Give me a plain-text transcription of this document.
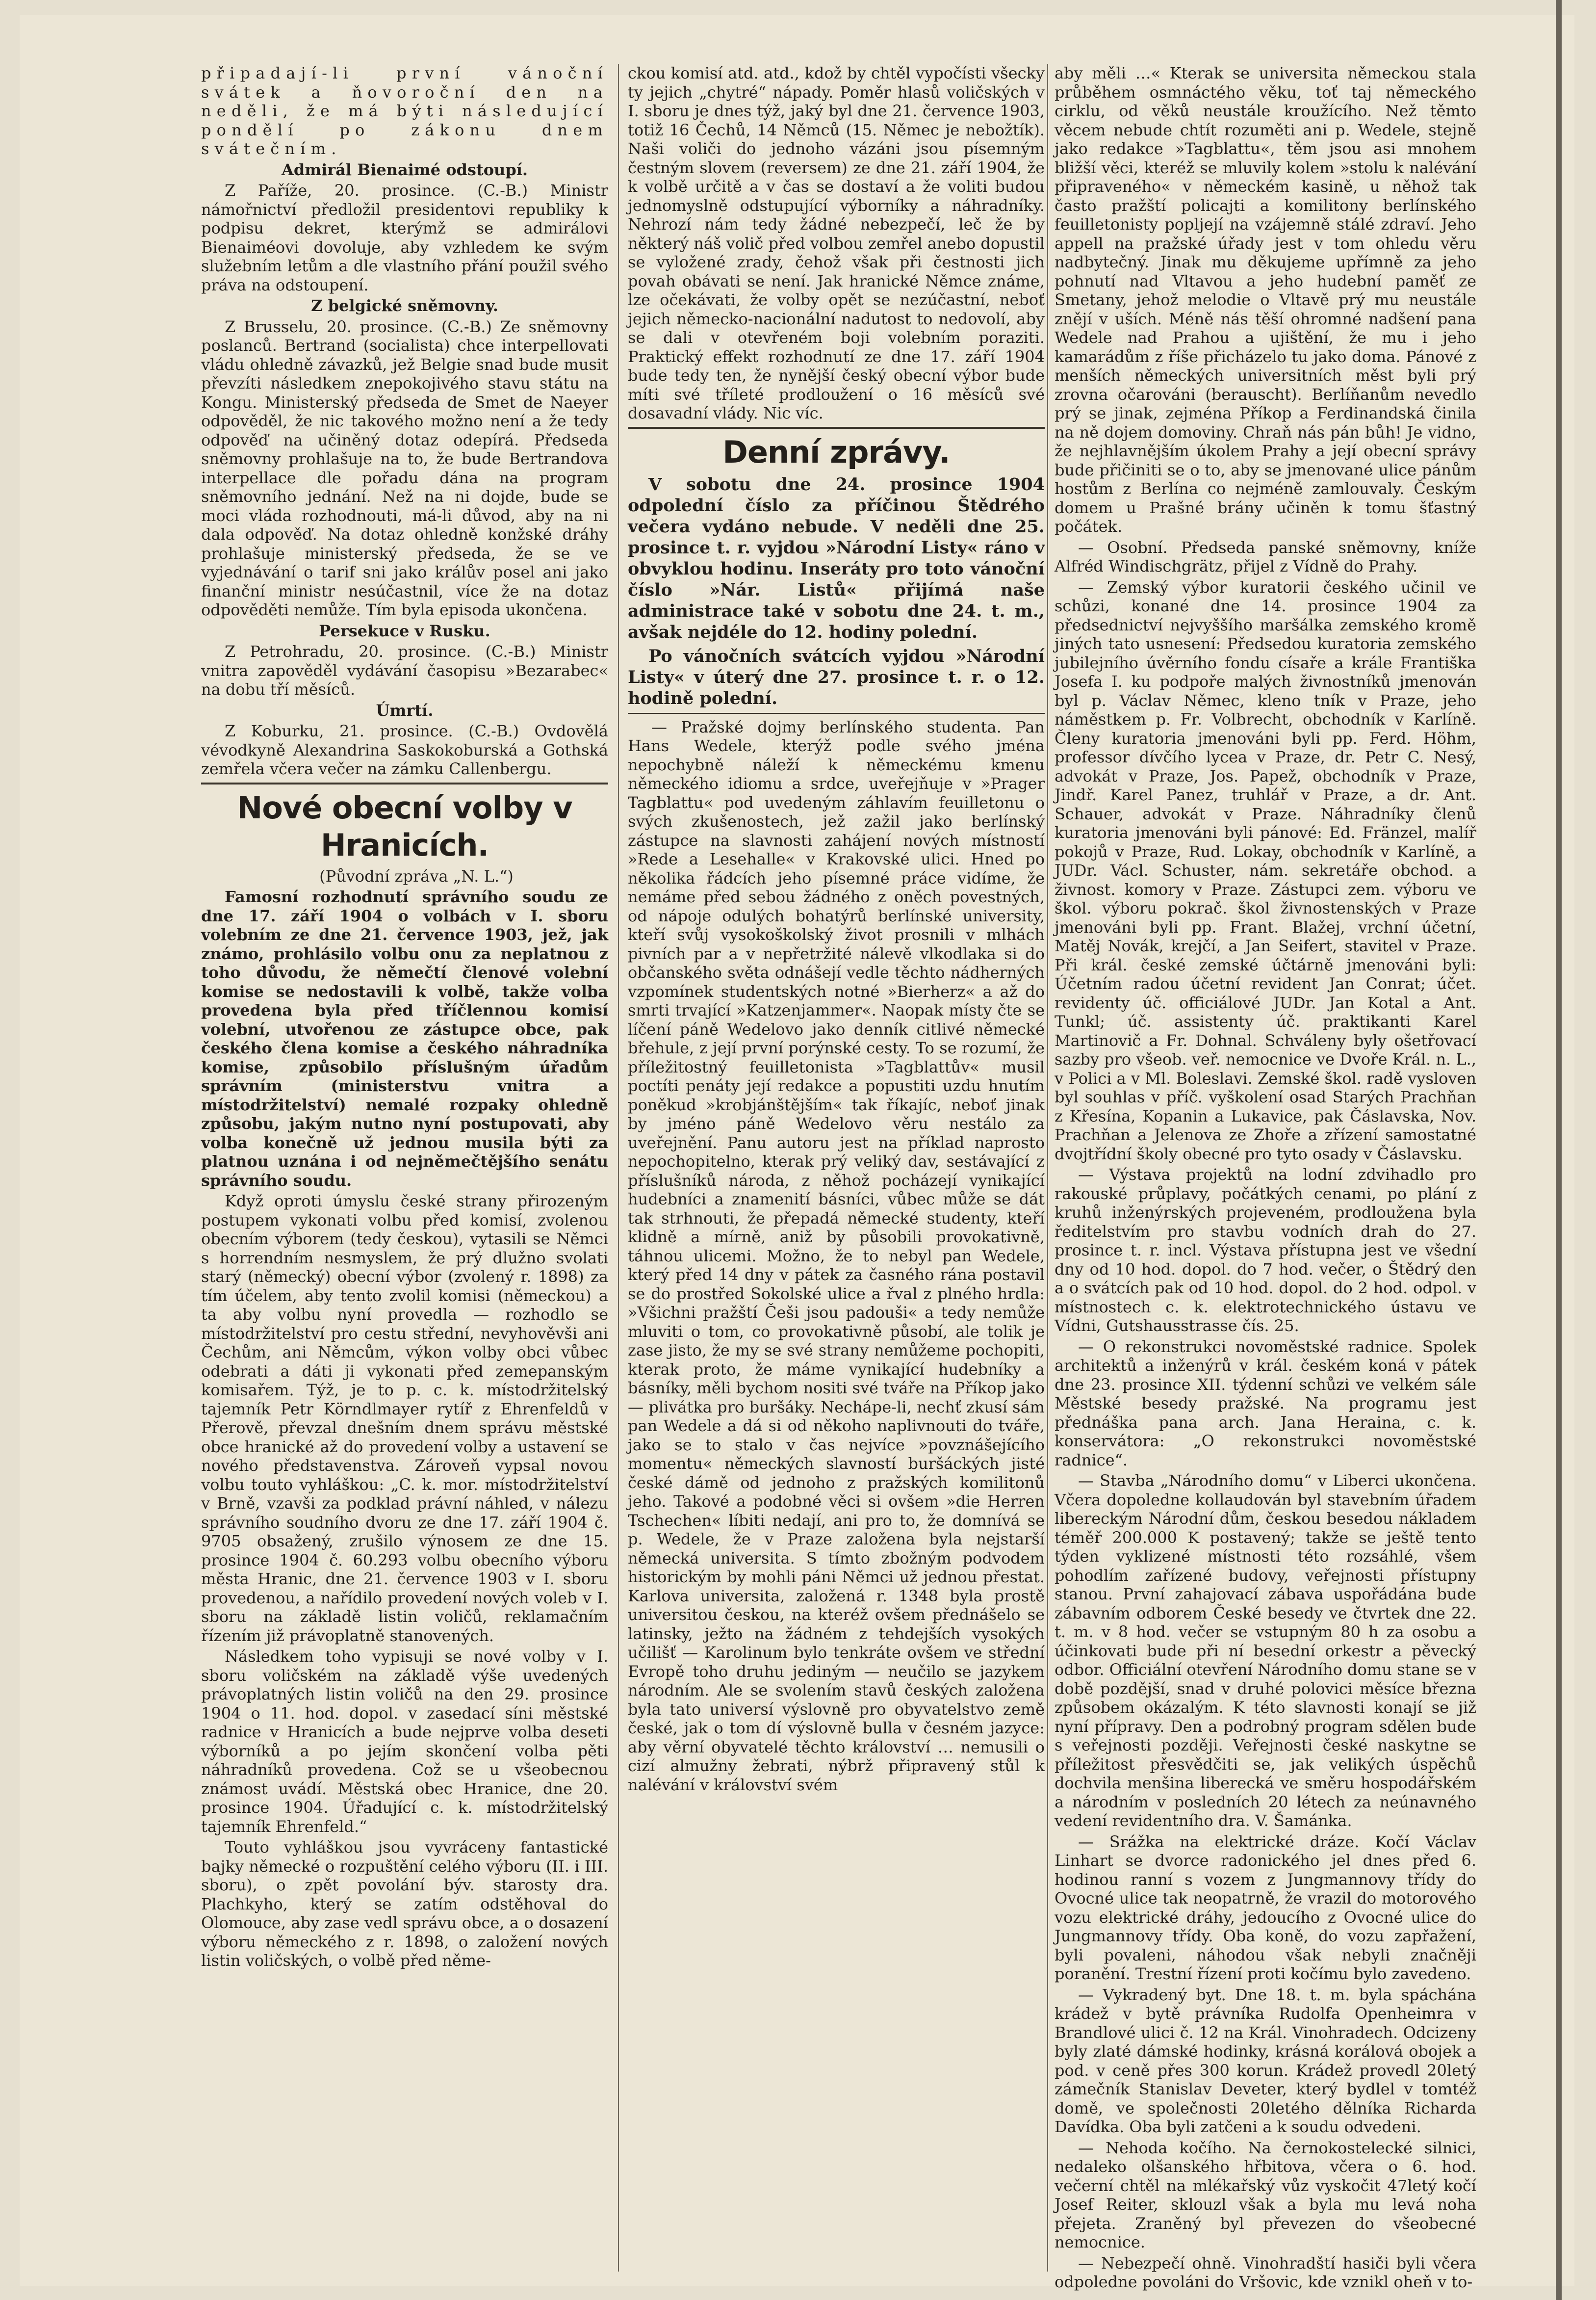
připadají-li první vánoční svátek a ňovoroční den na neděli, že má býti následující pondělí po zákonu dnem svátečním.

Admirál Bienaimé odstoupí.

Z Paříže, 20. prosince. (C.-B.) Ministr námořnictví předložil presidentovi republiky k podpisu dekret, kterýmž se admirálovi Bienaiméovi dovoluje, aby vzhledem ke svým služebním letům a dle vlastního přání použil svého práva na odstoupení.

Z belgické sněmovny.

Z Brusselu, 20. prosince. (C.-B.) Ze sněmovny poslanců. Bertrand (socialista) chce interpellovati vládu ohledně závazků, jež Belgie snad bude musit převzíti následkem znepokojivého stavu státu na Kongu. Ministerský předseda de Smet de Naeyer odpověděl, že nic takového možno není a že tedy odpověď na učiněný dotaz odepírá. Předseda sněmovny prohlašuje na to, že bude Bertrandova interpellace dle pořadu dána na program sněmovního jednání. Než na ni dojde, bude se moci vláda rozhodnouti, má-li důvod, aby na ni dala odpověď. Na dotaz ohledně konžské dráhy prohlašuje ministerský předseda, že se ve vyjednávání o tarif sni jako králův posel ani jako finanční ministr nesúčastnil, více že na dotaz odpověděti nemůže. Tím byla episoda ukončena.

Persekuce v Rusku.

Z Petrohradu, 20. prosince. (C.-B.) Ministr vnitra zapověděl vydávání časopisu »Bezarabec« na dobu tří měsíců.

Úmrtí.

Z Koburku, 21. prosince. (C.-B.) Ovdovělá vévodkyně Alexandrina Saskokoburská a Gothská zemřela včera večer na zámku Callenbergu.

Nové obecní volby v Hranicích.

(Původní zpráva „N. L.“)

Famosní rozhodnutí správního soudu ze dne 17. září 1904 o volbách v I. sboru volebním ze dne 21. července 1903, jež, jak známo, prohlásilo volbu onu za neplatnou z toho důvodu, že němečtí členové volební komise se nedostavili k volbě, takže volba provedena byla před tříčlennou komisí volební, utvořenou ze zástupce obce, pak českého člena komise a českého náhradníka komise, způsobilo příslušným úřadům správním (ministerstvu vnitra a místodržitelství) nemalé rozpaky ohledně způsobu, jakým nutno nyní postupovati, aby volba konečně už jednou musila býti za platnou uznána i od nejněmečtějšího senátu správního soudu.

Když oproti úmyslu české strany přirozeným postupem vykonati volbu před komisí, zvolenou obecním výborem (tedy českou), vytasili se Němci s horrendním nesmyslem, že prý dlužno svolati starý (německý) obecní výbor (zvolený r. 1898) za tím účelem, aby tento zvolil komisi (německou) a ta aby volbu nyní provedla — rozhodlo se místodržitelství pro cestu střední, nevyhověvši ani Čechům, ani Němcům, výkon volby obci vůbec odebrati a dáti ji vykonati před zemepanským komisařem. Týž, je to p. c. k. místodržitelský tajemník Petr Körndlmayer rytíř z Ehrenfeldů v Přerově, převzal dnešním dnem správu městské obce hranické až do provedení volby a ustavení se nového představenstva. Zároveň vypsal novou volbu touto vyhláškou: „C. k. mor. místodržitelství v Brně, vzavši za podklad právní náhled, v nálezu správního soudního dvoru ze dne 17. září 1904 č. 9705 obsažený, zrušilo výnosem ze dne 15. prosince 1904 č. 60.293 volbu obecního výboru města Hranic, dne 21. července 1903 v I. sboru provedenou, a nařídilo provedení nových voleb v I. sboru na základě listin voličů, reklamačním řízením již právoplatně stanovených.

Následkem toho vypisuji se nové volby v I. sboru voličském na základě výše uvedených právoplatných listin voličů na den 29. prosince 1904 o 11. hod. dopol. v zasedací síni městské radnice v Hranicích a bude nejprve volba deseti výborníků a po jejím skončení volba pěti náhradníků provedena. Což se u všeobecnou známost uvádí. Městská obec Hranice, dne 20. prosince 1904. Úřadující c. k. místodržitelský tajemník Ehrenfeld.“

Touto vyhláškou jsou vyvráceny fantastické bajky německé o rozpuštění celého výboru (II. i III. sboru), o zpět povolání býv. starosty dra. Plachkyho, který se zatím odstěhoval do Olomouce, aby zase vedl správu obce, a o dosazení výboru německého z r. 1898, o založení nových listin voličských, o volbě před něme-

ckou komisí atd. atd., kdož by chtěl vypočísti všecky ty jejich „chytré“ nápady. Poměr hlasů voličských v I. sboru je dnes týž, jaký byl dne 21. července 1903, totiž 16 Čechů, 14 Němců (15. Němec je nebožtík). Naši voliči do jednoho vázáni jsou písemným čestným slovem (reversem) ze dne 21. září 1904, že k volbě určitě a v čas se dostaví a že voliti budou jednomyslně odstupující výborníky a náhradníky. Nehrozí nám tedy žádné nebezpečí, leč že by některý náš volič před volbou zemřel anebo dopustil se vyložené zrady, čehož však při čestnosti jich povah obávati se není. Jak hranické Němce známe, lze očekávati, že volby opět se nezúčastní, neboť jejich německo-nacionální nadutost to nedovolí, aby se dali v otevřeném boji volebním poraziti. Praktický effekt rozhodnutí ze dne 17. září 1904 bude tedy ten, že nynější český obecní výbor bude míti své tříleté prodloužení o 16 měsíců své dosavadní vlády. Nic víc.

Denní zprávy.

V sobotu dne 24. prosince 1904 odpolední číslo za příčinou Štědrého večera vydáno nebude. V neděli dne 25. prosince t. r. vyjdou »Národní Listy« ráno v obvyklou hodinu. Inseráty pro toto vánoční číslo »Nár. Listů« přijímá naše administrace také v sobotu dne 24. t. m., avšak nejdéle do 12. hodiny polední.

Po vánočních svátcích vyjdou »Národní Listy« v úterý dne 27. prosince t. r. o 12. hodině polední.

— Pražské dojmy berlínského studenta. Pan Hans Wedele, kterýž podle svého jména nepochybně náleží k německému kmenu německého idiomu a srdce, uveřejňuje v »Prager Tagblattu« pod uvedeným záhlavím feuilletonu o svých zkušenostech, jež zažil jako berlínský zástupce na slavnosti zahájení nových místností »Rede a Lesehalle« v Krakovské ulici. Hned po několika řádcích jeho písemné práce vidíme, že nemáme před sebou žádného z oněch povestných, od nápoje odulých bohatýrů berlínské university, kteří svůj vysokoškolský život prosnili v mlhách pivních par a v nepřetržité nálevě vlkodlaka si do občanského světa odnášejí vedle těchto nádherných vzpomínek studentských notné »Bierherz« a až do smrti trvající »Katzenjammer«. Naopak místy čte se líčení páně Wedelovo jako denník citlivé německé břehule, z její první porýnské cesty. To se rozumí, že příležitostný feuilletonista »Tagblattův« musil poctíti penáty její redakce a popustiti uzdu hnutím poněkud »krobjánštějším« tak říkajíc, neboť jinak by jméno páně Wedelovo věru nestálo za uveřejnění. Panu autoru jest na příklad naprosto nepochopitelno, kterak prý veliký dav, sestávající z příslušníků národa, z něhož pocházejí vynikající hudebníci a znamenití básníci, vůbec může se dát tak strhnouti, že přepadá německé studenty, kteří klidně a mírně, aniž by působili provokativně, táhnou ulicemi. Možno, že to nebyl pan Wedele, který před 14 dny v pátek za časného rána postavil se do prostřed Sokolské ulice a řval z plného hrdla: »Všichni pražští Češi jsou padouši« a tedy nemůže mluviti o tom, co provokativně působí, ale tolik je zase jisto, že my se své strany nemůžeme pochopiti, kterak proto, že máme vynikající hudebníky a básníky, měli bychom nositi své tváře na Příkop jako — plivátka pro buršáky. Nechápe-li, nechť zkusí sám pan Wedele a dá si od někoho naplivnouti do tváře, jako se to stalo v čas nejvíce »povznášejícího momentu« německých slavností buršáckých jisté české dámě od jednoho z pražských komilitonů jeho. Takové a podobné věci si ovšem »die Herren Tschechen« líbiti nedají, ani pro to, že domnívá se p. Wedele, že v Praze založena byla nejstarší německá universita. S tímto zbožným podvodem historickým by mohli páni Němci už jednou přestat. Karlova universita, založená r. 1348 byla prostě universitou českou, na kteréž ovšem přednášelo se latinsky, ježto na žádném z tehdejších vysokých učilišť — Karolinum bylo tenkráte ovšem ve střední Evropě toho druhu jediným — neučilo se jazykem národním. Ale se svolením stavů českých založena byla tato universí výslovně pro obyvatelstvo země české, jak o tom dí výslovně bulla v česném jazyce: aby věrní obyvatelé těchto království … nemusili o cizí almužny žebrati, nýbrž připravený stůl k nalévání v království svém

aby měli …« Kterak se universita německou stala průběhem osmnáctého věku, toť taj německého cirklu, od věků neustále kroužícího. Než těmto věcem nebude chtít rozuměti ani p. Wedele, stejně jako redakce »Tagblattu«, těm jsou asi mnohem bližší věci, kteréž se mluvily kolem »stolu k nalévání připraveného« v německém kasině, u něhož tak často pražští policajti a komilitony berlínského feuilletonisty popljejí na vzájemně stálé zdraví. Jeho appell na pražské úřady jest v tom ohledu věru nadbytečný. Jinak mu děkujeme upřímně za jeho pohnutí nad Vltavou a jeho hudební paměť ze Smetany, jehož melodie o Vltavě prý mu neustále znějí v uších. Méně nás těší ohromné nadšení pana Wedele nad Prahou a ujištění, že mu i jeho kamarádům z říše přicházelo tu jako doma. Pánové z menších německých universitních měst byli prý zrovna očarováni (berauscht). Berlíňanům nevedlo prý se jinak, zejména Příkop a Ferdinandská činila na ně dojem domoviny. Chraň nás pán bůh! Je vidno, že nejhlavnějším úkolem Prahy a její obecní správy bude přičiniti se o to, aby se jmenované ulice pánům hostům z Berlína co nejméně zamlouvaly. Českým domem u Prašné brány učiněn k tomu šťastný počátek.

— Osobní. Předseda panské sněmovny, kníže Alfréd Windischgrätz, přijel z Vídně do Prahy.

— Zemský výbor kuratorii českého učinil ve schůzi, konané dne 14. prosince 1904 za předsednictví nejvyššího maršálka zemského kromě jiných tato usnesení: Předsedou kuratoria zemského jubilejního úvěrního fondu císaře a krále Františka Josefa I. ku podpoře malých živnostníků jmenován byl p. Václav Němec, kleno tník v Praze, jeho náměstkem p. Fr. Volbrecht, obchodník v Karlíně. Členy kuratoria jmenováni byli pp. Ferd. Höhm, professor dívčího lycea v Praze, dr. Petr C. Nesý, advokát v Praze, Jos. Papež, obchodník v Praze, Jindř. Karel Panez, truhlář v Praze, a dr. Ant. Schauer, advokát v Praze. Náhradníky členů kuratoria jmenováni byli pánové: Ed. Fränzel, malíř pokojů v Praze, Rud. Lokay, obchodník v Karlíně, a JUDr. Václ. Schuster, nám. sekretáře obchod. a živnost. komory v Praze. Zástupci zem. výboru ve škol. výboru pokrač. škol živnostenských v Praze jmenováni byli pp. Frant. Blažej, vrchní účetní, Matěj Novák, krejčí, a Jan Seifert, stavitel v Praze. Při král. české zemské účtárně jmenováni byli: Účetním radou účetní revident Jan Conrat; účet. revidenty úč. officiálové JUDr. Jan Kotal a Ant. Tunkl; úč. assistenty úč. praktikanti Karel Martinovič a Fr. Dohnal. Schváleny byly ošetřovací sazby pro všeob. veř. nemocnice ve Dvoře Král. n. L., v Polici a v Ml. Boleslavi. Zemské škol. radě vysloven byl souhlas v příč. vyškolení osad Starých Prachňan z Křesína, Kopanin a Lukavice, pak Čáslavska, Nov. Prachňan a Jelenova ze Zhoře a zřízení samostatné dvojtřídní školy obecné pro tyto osady v Čáslavsku.

— Výstava projektů na lodní zdvihadlo pro rakouské průplavy, počátkých cenami, po plání z kruhů inženýrských projeveném, prodloužena byla ředitelstvím pro stavbu vodních drah do 27. prosince t. r. incl. Výstava přístupna jest ve všední dny od 10 hod. dopol. do 7 hod. večer, o Štědrý den a o svátcích pak od 10 hod. dopol. do 2 hod. odpol. v místnostech c. k. elektrotechnického ústavu ve Vídni, Gutshausstrasse čís. 25.

— O rekonstrukci novoměstské radnice. Spolek architektů a inženýrů v král. českém koná v pátek dne 23. prosince XII. týdenní schůzi ve velkém sále Městské besedy pražské. Na programu jest přednáška pana arch. Jana Heraina, c. k. konservátora: „O rekonstrukci novoměstské radnice“.

— Stavba „Národního domu“ v Liberci ukončena. Včera dopoledne kollaudován byl stavebním úřadem libereckým Národní dům, českou besedou nákladem téměř 200.000 K postavený; takže se ještě tento týden vyklizené místnosti této rozsáhlé, všem pohodlím zařízené budovy, veřejnosti přístupny stanou. První zahajovací zábava uspořádána bude zábavním odborem České besedy ve čtvrtek dne 22. t. m. v 8 hod. večer se vstupným 80 h za osobu a účinkovati bude při ní besední orkestr a pěvecký odbor. Officiální otevření Národního domu stane se v době pozdější, snad v druhé polovici měsíce března způsobem okázalým. K této slavnosti konají se již nyní přípravy. Den a podrobný program sdělen bude s veřejnosti později. Veřejnosti české naskytne se příležitost přesvědčiti se, jak velikých úspěchů dochvila menšina liberecká ve směru hospodářském a národním v posledních 20 létech za neúnavného vedení revidentního dra. V. Šamánka.

— Srážka na elektrické dráze. Kočí Václav Linhart se dvorce radonického jel dnes před 6. hodinou ranní s vozem z Jungmannovy třídy do Ovocné ulice tak neopatrně, že vrazil do motorového vozu elektrické dráhy, jedoucího z Ovocné ulice do Jungmannovy třídy. Oba koně, do vozu zapřažení, byli povaleni, náhodou však nebyli značněji poranění. Trestní řízení proti kočímu bylo zavedeno.

— Vykradený byt. Dne 18. t. m. byla spáchána krádež v bytě právníka Rudolfa Openheimra v Brandlové ulici č. 12 na Král. Vinohradech. Odcizeny byly zlaté dámské hodinky, krásná korálová obojek a pod. v ceně přes 300 korun. Krádež provedl 20letý zámečník Stanislav Deveter, který bydlel v tomtéž domě, ve společnosti 20letého dělníka Richarda Davídka. Oba byli zatčeni a k soudu odvedeni.

— Nehoda kočího. Na černokostelecké silnici, nedaleko olšanského hřbitova, včera o 6. hod. večerní chtěl na mlékařský vůz vyskočit 47letý kočí Josef Reiter, sklouzl však a byla mu levá noha přejeta. Zraněný byl převezen do všeobecné nemocnice.

— Nebezpečí ohně. Vinohradští hasiči byli včera odpoledne povoláni do Vršovic, kde vznikl oheň v to-
